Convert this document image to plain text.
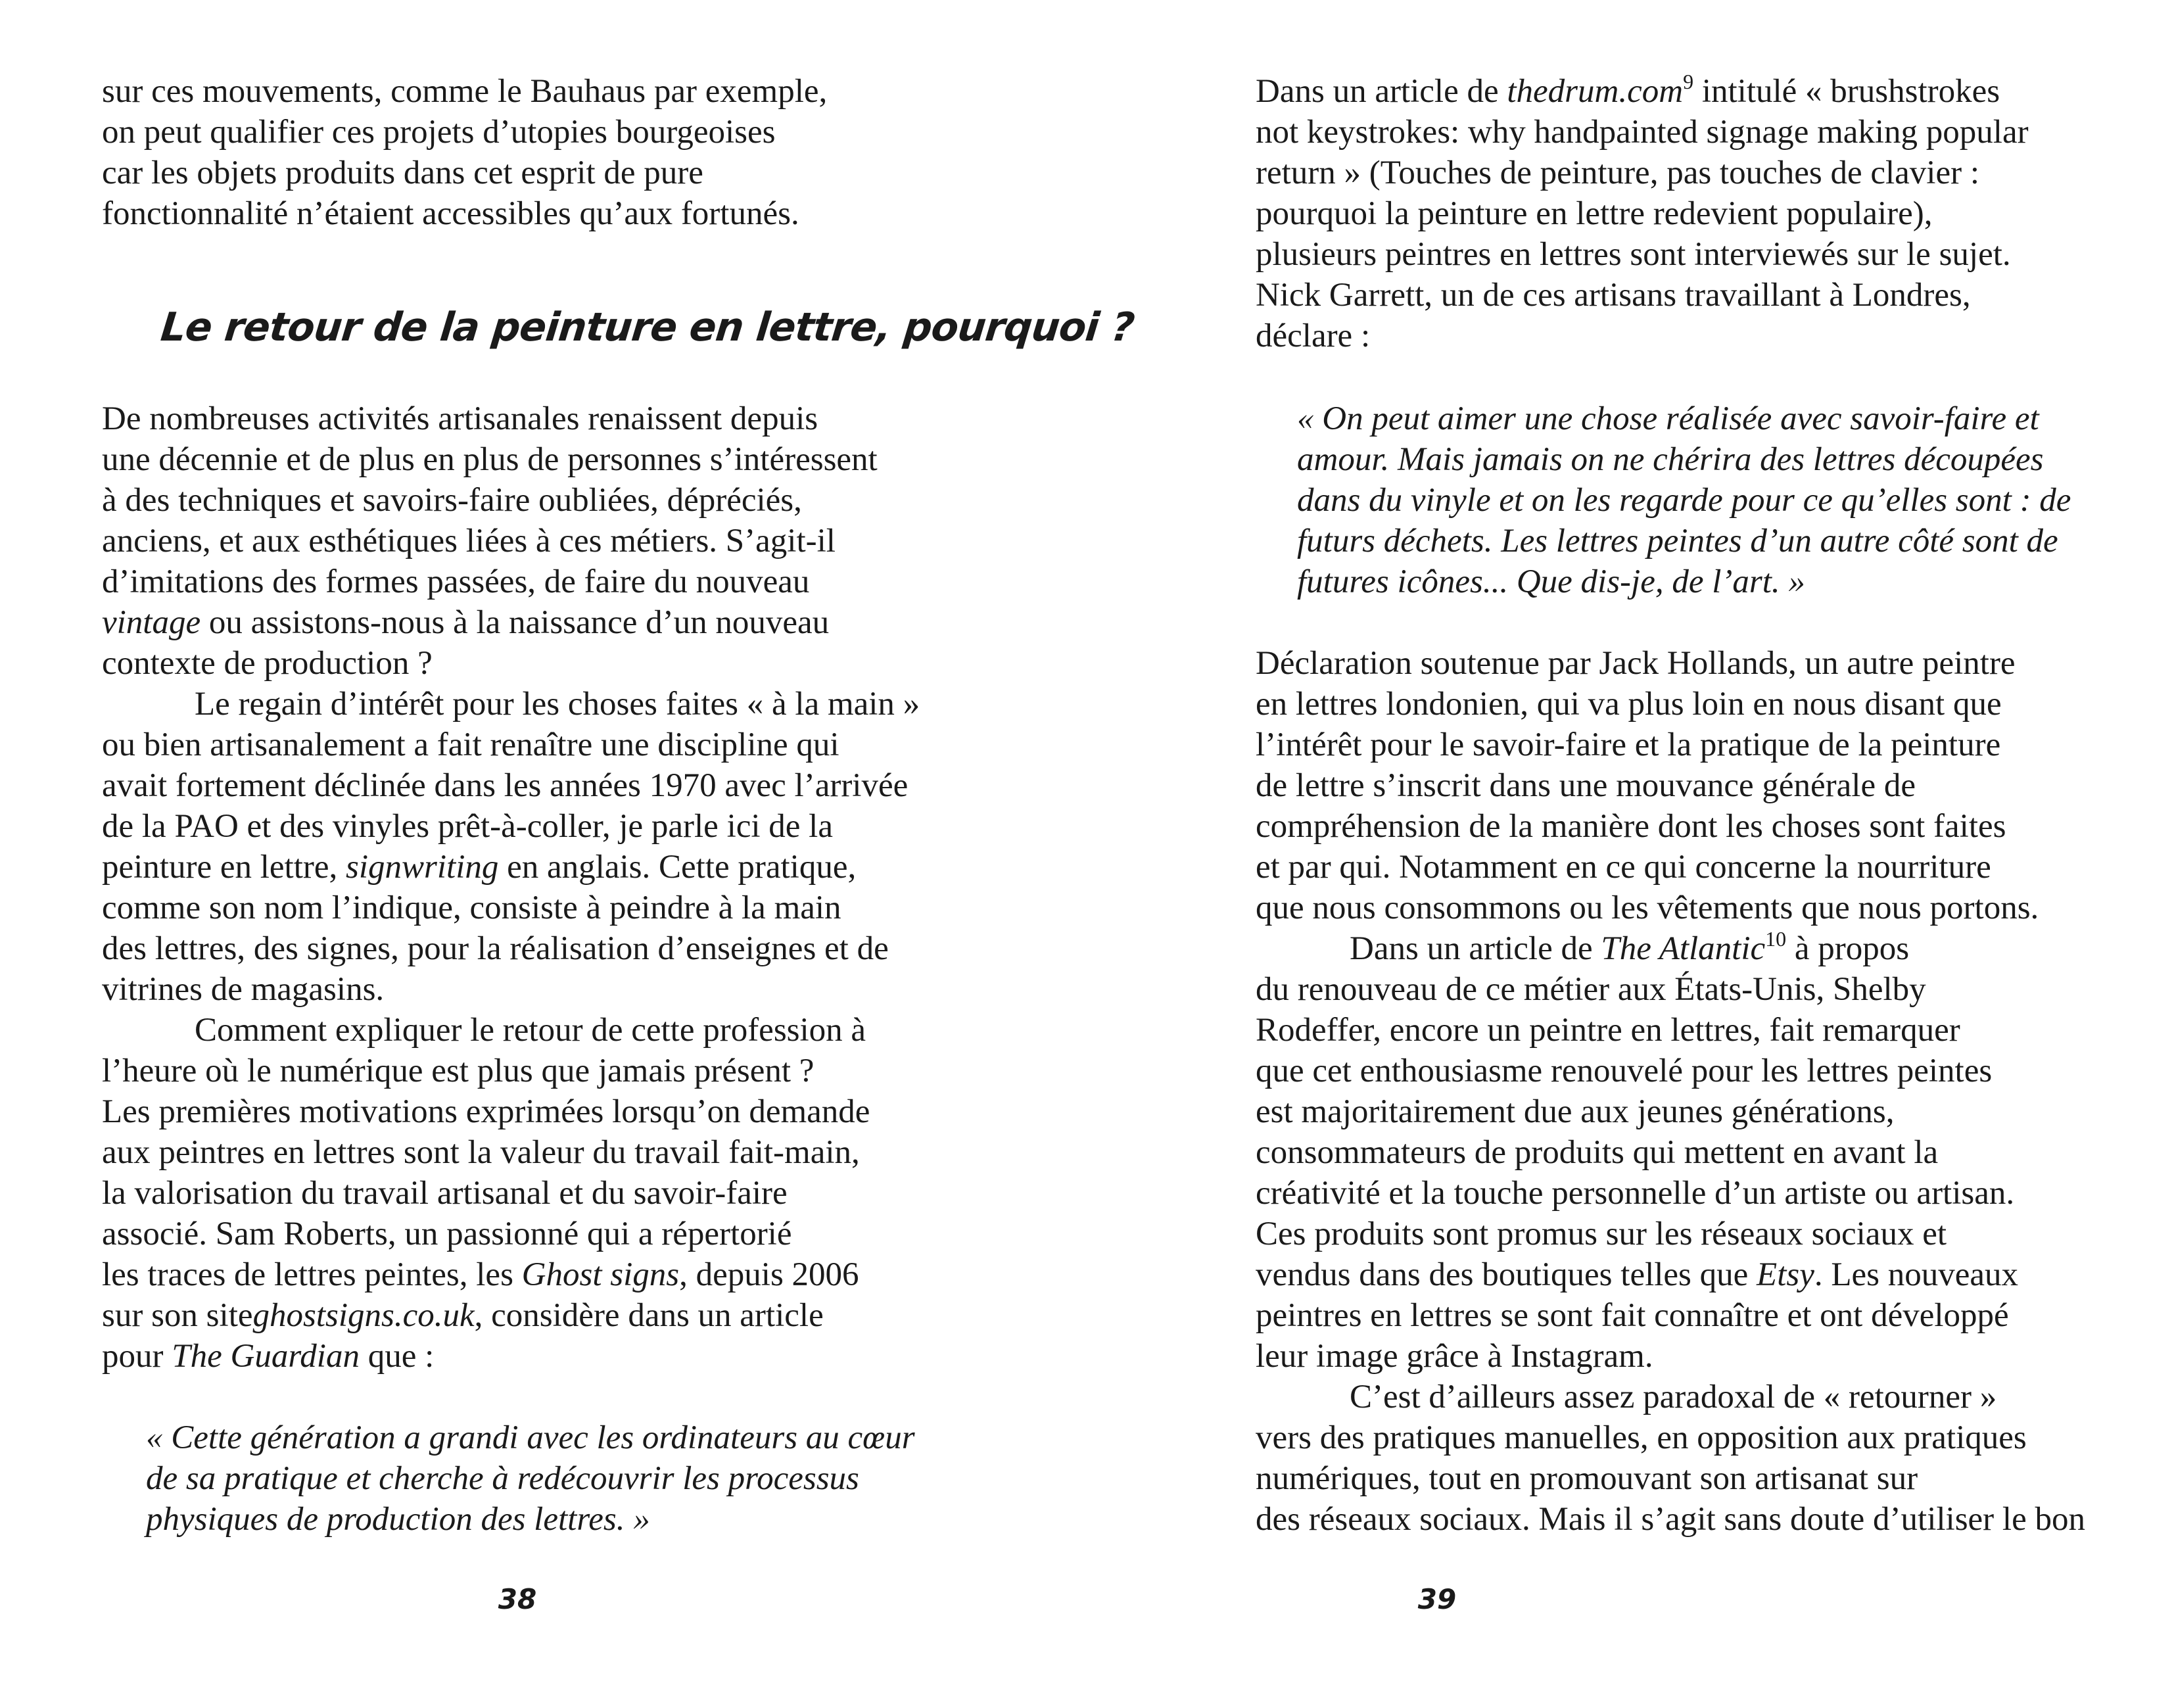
sur ces mouvements, comme le Bauhaus par exemple,
on peut qualifier ces projets d’utopies bourgeoises
car les objets produits dans cet esprit de pure
fonctionnalité n’étaient accessibles qu’aux fortunés.
Le retour de la peinture en lettre, pourquoi ?
De nombreuses activités artisanales renaissent depuis
une décennie et de plus en plus de personnes s’intéressent
à des techniques et savoirs-faire oubliées, dépréciés,
anciens, et aux esthétiques liées à ces métiers. S’agit-il
d’imitations des formes passées, de faire du nouveau
vintage ou assistons-nous à la naissance d’un nouveau
contexte de production ?
Le regain d’intérêt pour les choses faites « à la main »
ou bien artisanalement a fait renaître une discipline qui
avait fortement déclinée dans les années 1970 avec l’arrivée
de la PAO et des vinyles prêt-à-coller, je parle ici de la
peinture en lettre, signwriting en anglais. Cette pratique,
comme son nom l’indique, consiste à peindre à la main
des lettres, des signes, pour la réalisation d’enseignes et de
vitrines de magasins.
Comment expliquer le retour de cette profession à
l’heure où le numérique est plus que jamais présent ?
Les premières motivations exprimées lorsqu’on demande
aux peintres en lettres sont la valeur du travail fait-main,
la valorisation du travail artisanal et du savoir-faire
associé. Sam Roberts, un passionné qui a répertorié
les traces de lettres peintes, les Ghost signs, depuis 2006
sur son siteghostsigns.co.uk, considère dans un article
pour The Guardian que :
« Cette génération a grandi avec les ordinateurs au cœur
de sa pratique et cherche à redécouvrir les processus
physiques de production des lettres. »
38
Dans un article de thedrum.com$^9$ intitulé « brushstrokes
not keystrokes: why handpainted signage making popular
return » (Touches de peinture, pas touches de clavier :
pourquoi la peinture en lettre redevient populaire),
plusieurs peintres en lettres sont interviewés sur le sujet.
Nick Garrett, un de ces artisans travaillant à Londres,
déclare :
« On peut aimer une chose réalisée avec savoir-faire et
amour. Mais jamais on ne chérira des lettres découpées
dans du vinyle et on les regarde pour ce qu’elles sont : de
futurs déchets. Les lettres peintes d’un autre côté sont de
futures icônes... Que dis-je, de l’art. »
Déclaration soutenue par Jack Hollands, un autre peintre
en lettres londonien, qui va plus loin en nous disant que
l’intérêt pour le savoir-faire et la pratique de la peinture
de lettre s’inscrit dans une mouvance générale de
compréhension de la manière dont les choses sont faites
et par qui. Notamment en ce qui concerne la nourriture
que nous consommons ou les vêtements que nous portons.
Dans un article de The Atlantic$^{10}$ à propos
du renouveau de ce métier aux États-Unis, Shelby
Rodeffer, encore un peintre en lettres, fait remarquer
que cet enthousiasme renouvelé pour les lettres peintes
est majoritairement due aux jeunes générations,
consommateurs de produits qui mettent en avant la
créativité et la touche personnelle d’un artiste ou artisan.
Ces produits sont promus sur les réseaux sociaux et
vendus dans des boutiques telles que Etsy. Les nouveaux
peintres en lettres se sont fait connaître et ont développé
leur image grâce à Instagram.
C’est d’ailleurs assez paradoxal de « retourner »
vers des pratiques manuelles, en opposition aux pratiques
numériques, tout en promouvant son artisanat sur
des réseaux sociaux. Mais il s’agit sans doute d’utiliser le bon
39
